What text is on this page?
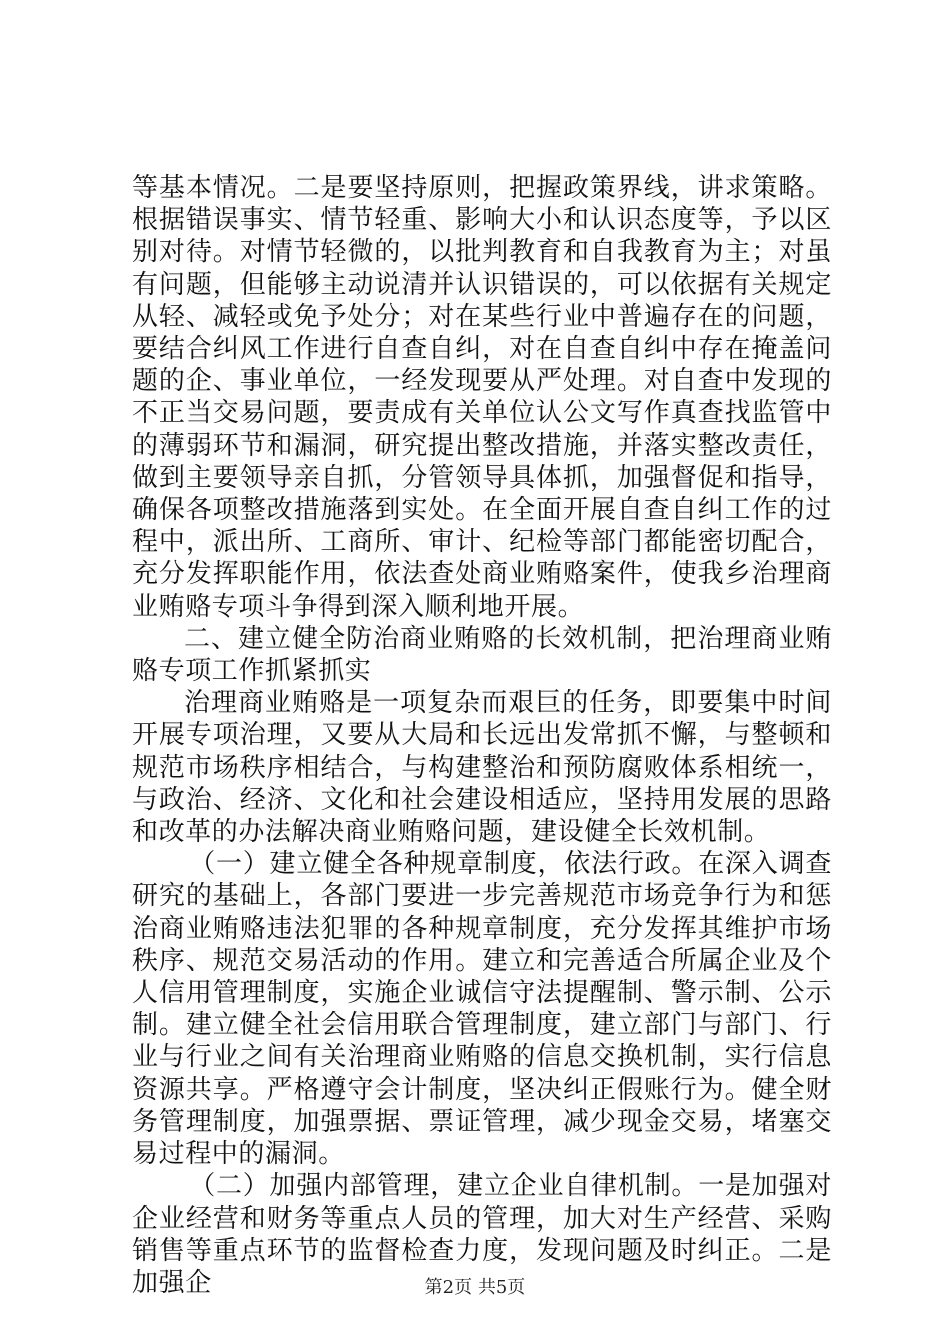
等基本情况。二是要坚持原则，把握政策界线，讲求策略。根据错误事实、情节轻重、影响大小和认识态度等，予以区别对待。对情节轻微的，以批判教育和自我教育为主；对虽有问题，但能够主动说清并认识错误的，可以依据有关规定从轻、减轻或免予处分；对在某些行业中普遍存在的问题，要结合纠风工作进行自查自纠，对在自查自纠中存在掩盖问题的企、事业单位，一经发现要从严处理。对自查中发现的不正当交易问题，要责成有关单位认公文写作真查找监管中的薄弱环节和漏洞，研究提出整改措施，并落实整改责任，做到主要领导亲自抓，分管领导具体抓，加强督促和指导，确保各项整改措施落到实处。在全面开展自查自纠工作的过程中，派出所、工商所、审计、纪检等部门都能密切配合，充分发挥职能作用，依法查处商业贿赂案件，使我乡治理商业贿赂专项斗争得到深入顺利地开展。

二、建立健全防治商业贿赂的长效机制，把治理商业贿赂专项工作抓紧抓实

治理商业贿赂是一项复杂而艰巨的任务，即要集中时间开展专项治理，又要从大局和长远出发常抓不懈，与整顿和规范市场秩序相结合，与构建整治和预防腐败体系相统一，与政治、经济、文化和社会建设相适应，坚持用发展的思路和改革的办法解决商业贿赂问题，建设健全长效机制。

（一）建立健全各种规章制度，依法行政。在深入调查研究的基础上，各部门要进一步完善规范市场竞争行为和惩治商业贿赂违法犯罪的各种规章制度，充分发挥其维护市场秩序、规范交易活动的作用。建立和完善适合所属企业及个人信用管理制度，实施企业诚信守法提醒制、警示制、公示制。建立健全社会信用联合管理制度，建立部门与部门、行业与行业之间有关治理商业贿赂的信息交换机制，实行信息资源共享。严格遵守会计制度，坚决纠正假账行为。健全财务管理制度，加强票据、票证管理，减少现金交易，堵塞交易过程中的漏洞。

（二）加强内部管理，建立企业自律机制。一是加强对企业经营和财务等重点人员的管理，加大对生产经营、采购销售等重点环节的监督检查力度，发现问题及时纠正。二是加强企	第2页 共5页
